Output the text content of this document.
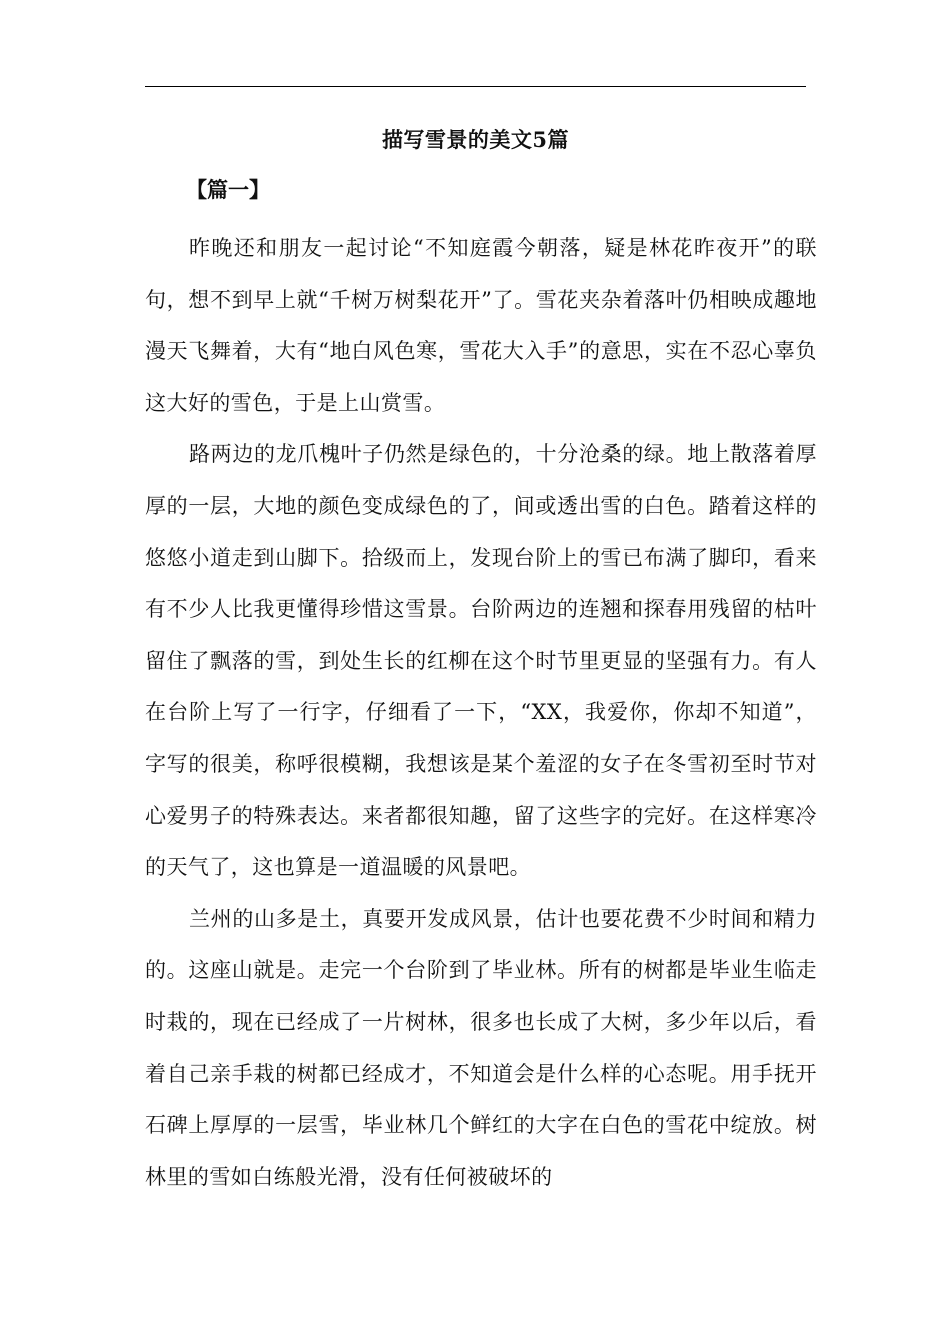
描写雪景的美文5篇

【篇一】

昨晚还和朋友一起讨论“不知庭霞今朝落，疑是林花昨夜开”的联句，想不到早上就“千树万树梨花开”了。雪花夹杂着落叶仍相映成趣地漫天飞舞着，大有“地白风色寒，雪花大入手”的意思，实在不忍心辜负这大好的雪色，于是上山赏雪。

路两边的龙爪槐叶子仍然是绿色的，十分沧桑的绿。地上散落着厚厚的一层，大地的颜色变成绿色的了，间或透出雪的白色。踏着这样的悠悠小道走到山脚下。拾级而上，发现台阶上的雪已布满了脚印，看来有不少人比我更懂得珍惜这雪景。台阶两边的连翘和探春用残留的枯叶留住了飘落的雪，到处生长的红柳在这个时节里更显的坚强有力。有人在台阶上写了一行字，仔细看了一下，“XX，我爱你，你却不知道”，字写的很美，称呼很模糊，我想该是某个羞涩的女子在冬雪初至时节对心爱男子的特殊表达。来者都很知趣，留了这些字的完好。在这样寒冷的天气了，这也算是一道温暖的风景吧。

兰州的山多是土，真要开发成风景，估计也要花费不少时间和精力的。这座山就是。走完一个台阶到了毕业林。所有的树都是毕业生临走时栽的，现在已经成了一片树林，很多也长成了大树，多少年以后，看着自己亲手栽的树都已经成才，不知道会是什么样的心态呢。用手抚开石碑上厚厚的一层雪，毕业林几个鲜红的大字在白色的雪花中绽放。树林里的雪如白练般光滑，没有任何被破坏的
